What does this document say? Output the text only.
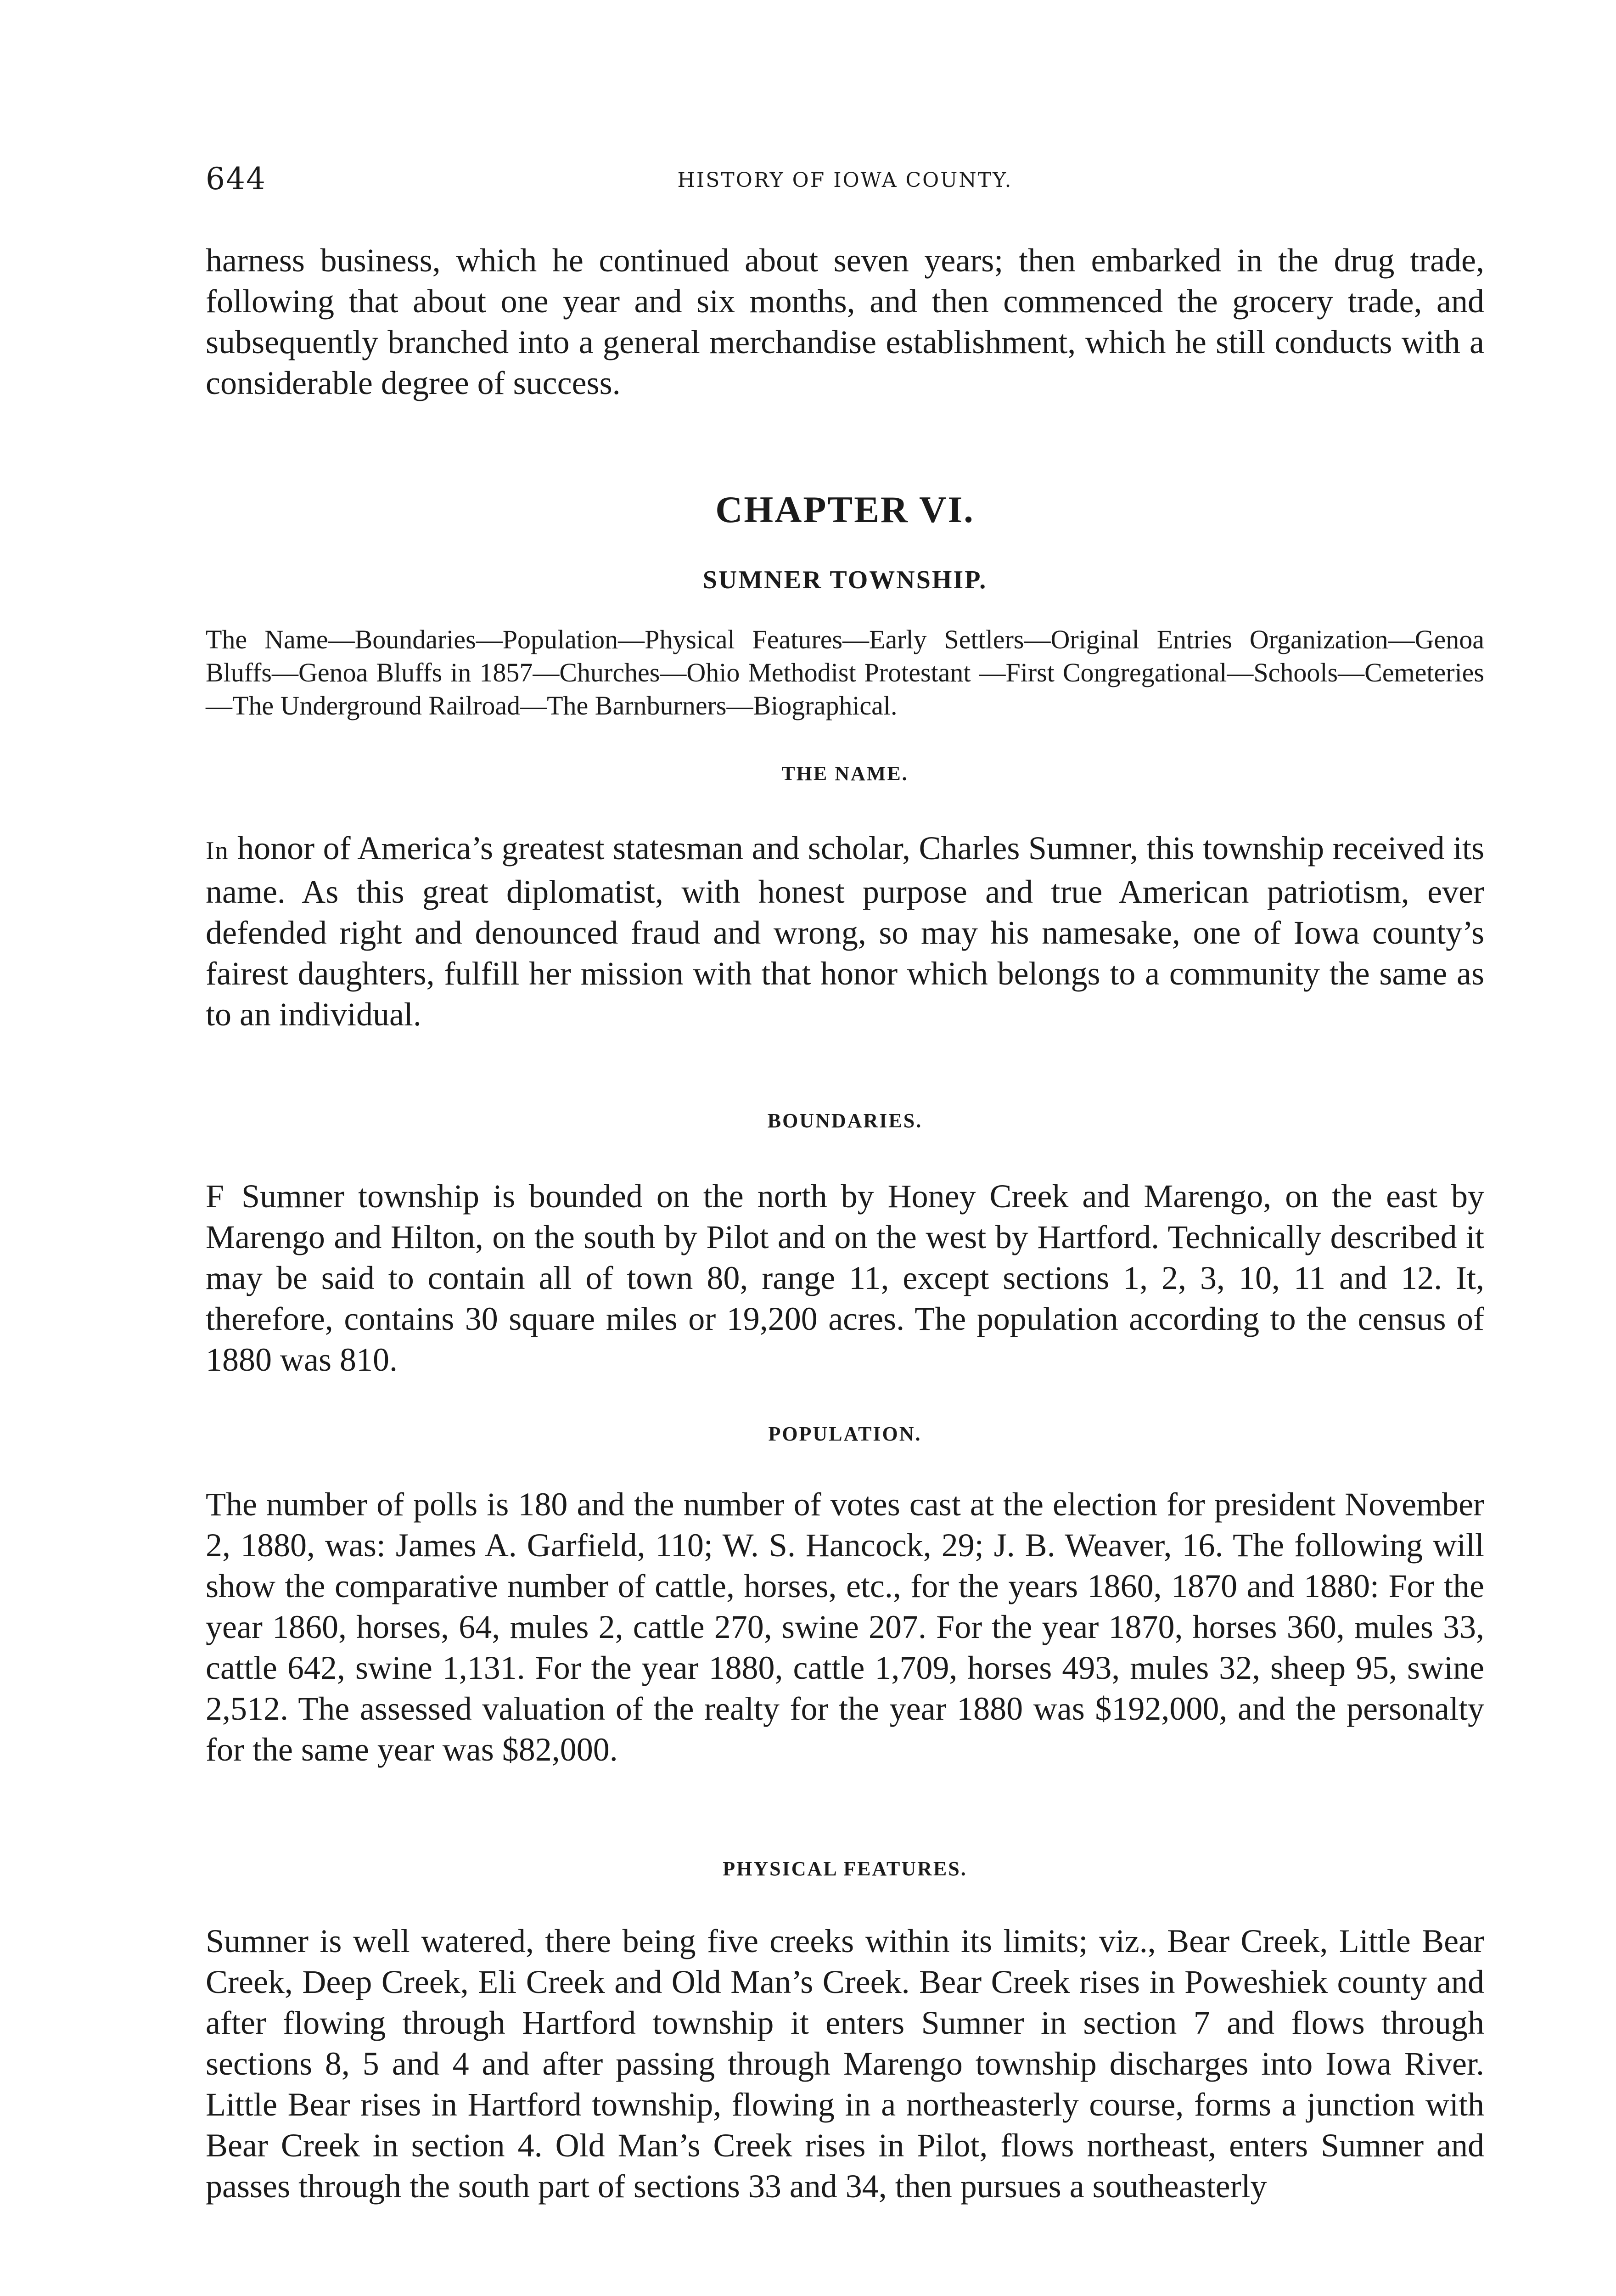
644	HISTORY OF IOWA COUNTY.

harness business, which he continued about seven years; then embarked in the drug trade, following that about one year and six months, and then commenced the grocery trade, and subsequently branched into a general merchandise establishment, which he still conducts with a considerable degree of success.

CHAPTER VI.
SUMNER TOWNSHIP.

The Name—Boundaries—Population—Physical Features—Early Settlers—Original Entries Organization—Genoa Bluffs—Genoa Bluffs in 1857—Churches—Ohio Methodist Protestant —First Congregational—Schools—Cemeteries—The Underground Railroad—The Barnburners—Biographical.

THE NAME.

In honor of America’s greatest statesman and scholar, Charles Sumner, this township received its name. As this great diplomatist, with honest purpose and true American patriotism, ever defended right and denounced fraud and wrong, so may his namesake, one of Iowa county’s fairest daughters, fulfill her mission with that honor which belongs to a community the same as to an individual.

BOUNDARIES.

F Sumner township is bounded on the north by Honey Creek and Marengo, on the east by Marengo and Hilton, on the south by Pilot and on the west by Hartford. Technically described it may be said to contain all of town 80, range 11, except sections 1, 2, 3, 10, 11 and 12. It, therefore, contains 30 square miles or 19,200 acres. The population according to the census of 1880 was 810.

POPULATION.

The number of polls is 180 and the number of votes cast at the election for president November 2, 1880, was: James A. Garfield, 110; W. S. Hancock, 29; J. B. Weaver, 16. The following will show the comparative number of cattle, horses, etc., for the years 1860, 1870 and 1880: For the year 1860, horses, 64, mules 2, cattle 270, swine 207. For the year 1870, horses 360, mules 33, cattle 642, swine 1,131. For the year 1880, cattle 1,709, horses 493, mules 32, sheep 95, swine 2,512. The assessed valuation of the realty for the year 1880 was $192,000, and the personalty for the same year was $82,000.

PHYSICAL FEATURES.

Sumner is well watered, there being five creeks within its limits; viz., Bear Creek, Little Bear Creek, Deep Creek, Eli Creek and Old Man’s Creek. Bear Creek rises in Poweshiek county and after flowing through Hartford township it enters Sumner in section 7 and flows through sections 8, 5 and 4 and after passing through Marengo township discharges into Iowa River. Little Bear rises in Hartford township, flowing in a northeasterly course, forms a junction with Bear Creek in section 4. Old Man’s Creek rises in Pilot, flows northeast, enters Sumner and passes through the south part of sections 33 and 34, then pursues a southeasterly
